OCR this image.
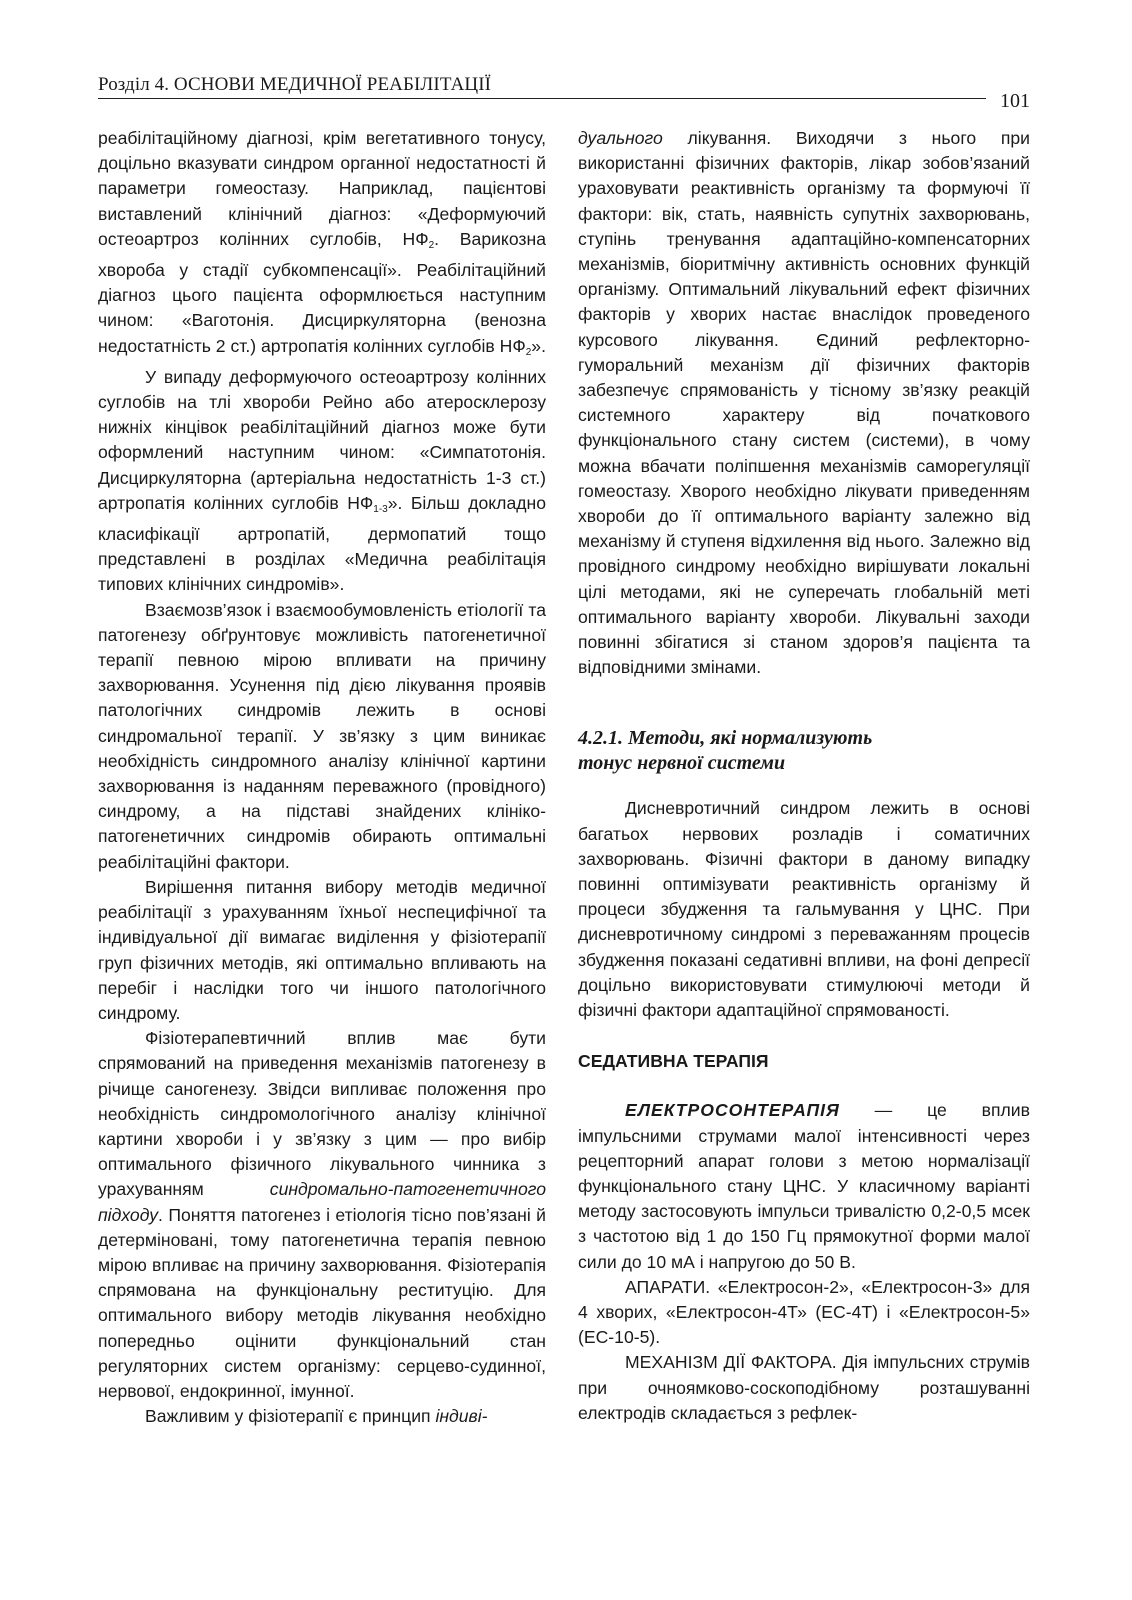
Розділ 4. ОСНОВИ МЕДИЧНОЇ РЕАБІЛІТАЦІЇ
101

реабілітаційному діагнозі, крім вегетативного тонусу, доцільно вказувати синдром органної недостатності й параметри гомеостазу. Наприклад, пацієнтові виставлений клінічний діагноз: «Деформуючий остеоартроз колінних суглобів, $НФ_2$. Варикозна хвороба у стадії субкомпенсації». Реабілітаційний діагноз цього пацієнта оформлюється наступним чином: «Ваготонія. Дисциркуляторна (венозна недостатність 2 ст.) артропатія колінних суглобів $НФ_2$».

У випаду деформуючого остеоартрозу колінних суглобів на тлі хвороби Рейно або атеросклерозу нижніх кінцівок реабілітаційний діагноз може бути оформлений наступним чином: «Симпатотонія. Дисциркуляторна (артеріальна недостатність 1-3 ст.) артропатія колінних суглобів $НФ_{1-3}$». Більш докладно класифікації артропатій, дермопатий тощо представлені в розділах «Медична реабілітація типових клінічних синдромів».

Взаємозв’язок і взаємообумовленість етіології та патогенезу обґрунтовує можливість патогенетичної терапії певною мірою впливати на причину захворювання. Усунення під дією лікування проявів патологічних синдромів лежить в основі синдромальної терапії. У зв’язку з цим виникає необхідність синдромного аналізу клінічної картини захворювання із наданням переважного (провідного) синдрому, а на підставі знайдених клініко-патогенетичних синдромів обирають оптимальні реабілітаційні фактори.

Вирішення питання вибору методів медичної реабілітації з урахуванням їхньої неспецифічної та індивідуальної дії вимагає виділення у фізіотерапії груп фізичних методів, які оптимально впливають на перебіг і наслідки того чи іншого патологічного синдрому.

Фізіотерапевтичний вплив має бути спрямований на приведення механізмів патогенезу в річище саногенезу. Звідси випливає положення про необхідність синдромологічного аналізу клінічної картини хвороби і у зв’язку з цим — про вибір оптимального фізичного лікувального чинника з урахуванням синдромально-патогенетичного підходу. Поняття патогенез і етіологія тісно пов’язані й детерміновані, тому патогенетична терапія певною мірою впливає на причину захворювання. Фізіотерапія спрямована на функціональну реституцію. Для оптимального вибору методів лікування необхідно попередньо оцінити функціональний стан регуляторних систем організму: серцево-судинної, нервової, ендокринної, імунної.

Важливим у фізіотерапії є принцип індиві-

дуального лікування. Виходячи з нього при використанні фізичних факторів, лікар зобов’язаний ураховувати реактивність організму та формуючі її фактори: вік, стать, наявність супутніх захворювань, ступінь тренування адаптаційно-компенсаторних механізмів, біоритмічну активність основних функцій організму. Оптимальний лікувальний ефект фізичних факторів у хворих настає внаслідок проведеного курсового лікування. Єдиний рефлекторно-гуморальний механізм дії фізичних факторів забезпечує спрямованість у тісному зв’язку реакцій системного характеру від початкового функціонального стану систем (системи), в чому можна вбачати поліпшення механізмів саморегуляції гомеостазу. Хворого необхідно лікувати приведенням хвороби до її оптимального варіанту залежно від механізму й ступеня відхилення від нього. Залежно від провідного синдрому необхідно вирішувати локальні цілі методами, які не суперечать глобальній меті оптимального варіанту хвороби. Лікувальні заходи повинні збігатися зі станом здоров’я пацієнта та відповідними змінами.

4.2.1. Методи, які нормализують
тонус нервної системи

Дисневротичний синдром лежить в основі багатьох нервових розладів і соматичних захворювань. Фізичні фактори в даному випадку повинні оптимізувати реактивність організму й процеси збудження та гальмування у ЦНС. При дисневротичному синдромі з переважанням процесів збудження показані седативні впливи, на фоні депресії доцільно використовувати стимулюючі методи й фізичні фактори адаптаційної спрямованості.

СЕДАТИВНА ТЕРАПІЯ

ЕЛЕКТРОСОНТЕРАПІЯ — це вплив імпульсними струмами малої інтенсивності через рецепторний апарат голови з метою нормалізації функціонального стану ЦНС. У класичному варіанті методу застосовують імпульси тривалістю 0,2-0,5 мсек з частотою від 1 до 150 Гц прямокутної форми малої сили до 10 мА і напругою до 50 В.

АПАРАТИ. «Електросон-2», «Електросон-3» для 4 хворих, «Електросон-4Т» (ЕС-4Т) і «Електросон-5» (ЕС-10-5).

МЕХАНІЗМ ДІЇ ФАКТОРА. Дія імпульсних струмів при очноямково-соскоподібному розташуванні електродів складається з рефлек-
